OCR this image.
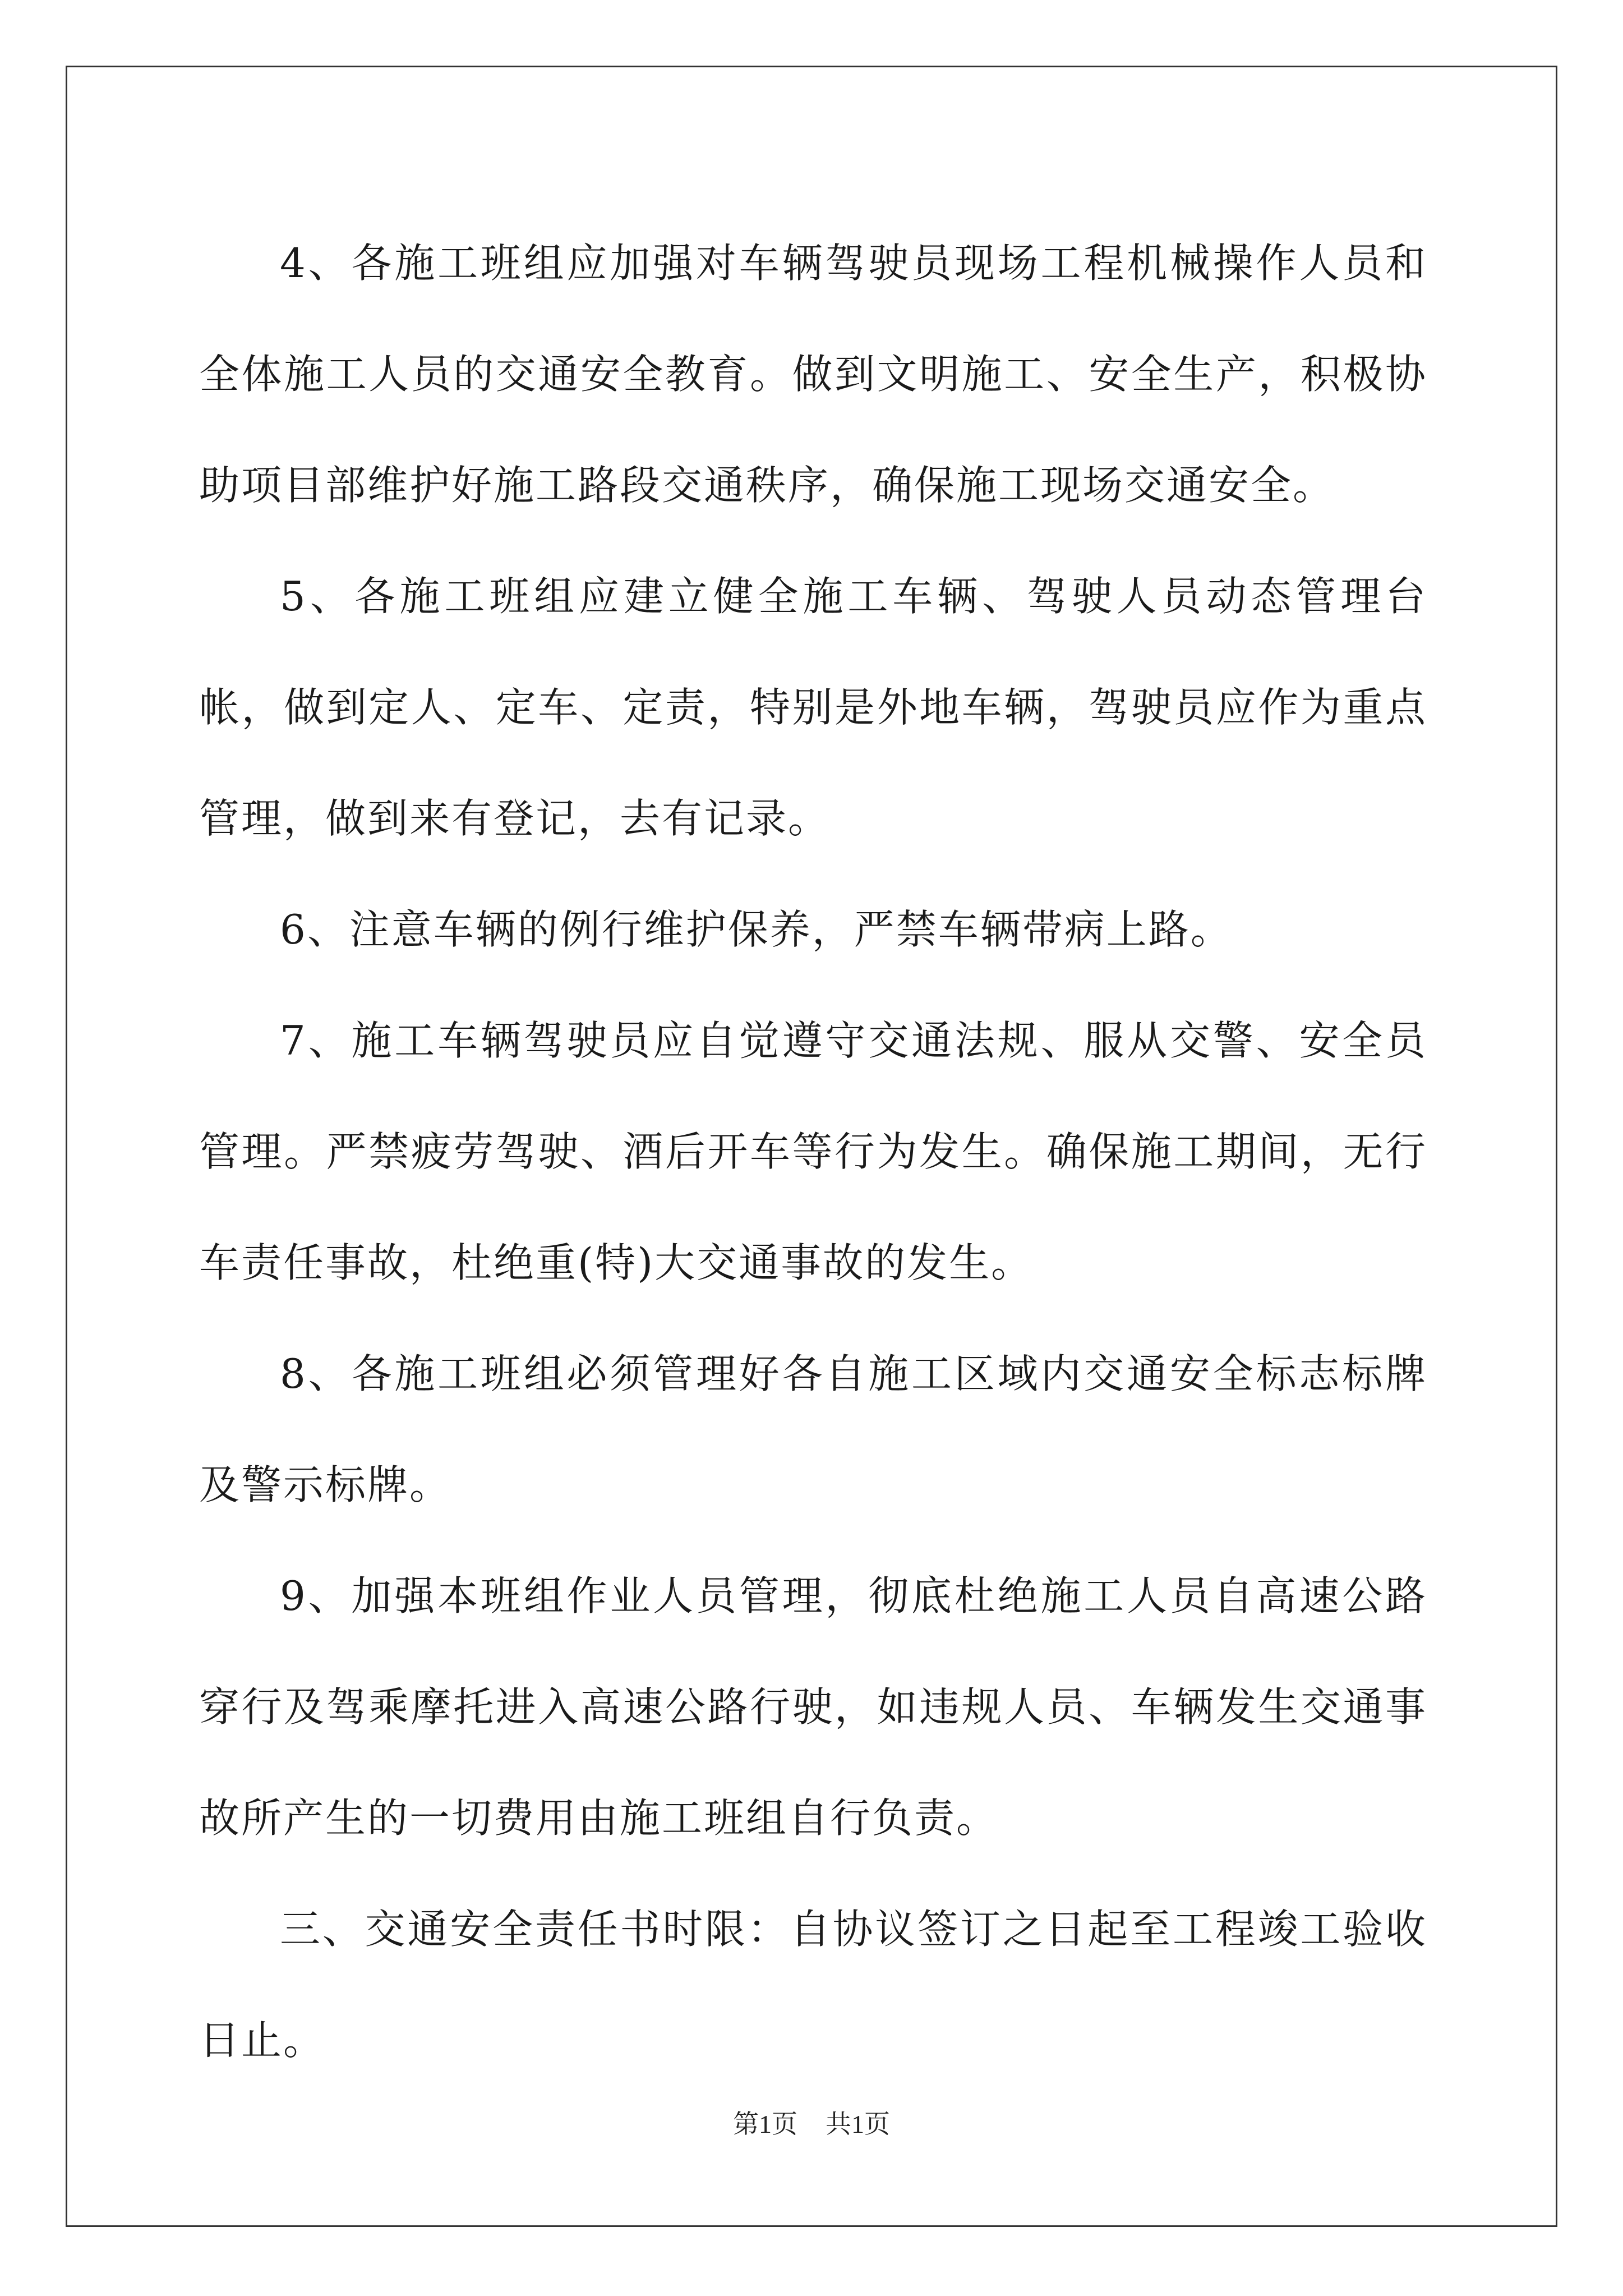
4、各施工班组应加强对车辆驾驶员现场工程机械操作人员和全体施工人员的交通安全教育。做到文明施工、安全生产，积极协助项目部维护好施工路段交通秩序，确保施工现场交通安全。

5、各施工班组应建立健全施工车辆、驾驶人员动态管理台帐，做到定人、定车、定责，特别是外地车辆，驾驶员应作为重点管理，做到来有登记，去有记录。

6、注意车辆的例行维护保养，严禁车辆带病上路。

7、施工车辆驾驶员应自觉遵守交通法规、服从交警、安全员管理。严禁疲劳驾驶、酒后开车等行为发生。确保施工期间，无行车责任事故，杜绝重(特)大交通事故的发生。

8、各施工班组必须管理好各自施工区域内交通安全标志标牌及警示标牌。

9、加强本班组作业人员管理，彻底杜绝施工人员自高速公路穿行及驾乘摩托进入高速公路行驶，如违规人员、车辆发生交通事故所产生的一切费用由施工班组自行负责。

三、交通安全责任书时限：自协议签订之日起至工程竣工验收日止。

第1页 共1页
